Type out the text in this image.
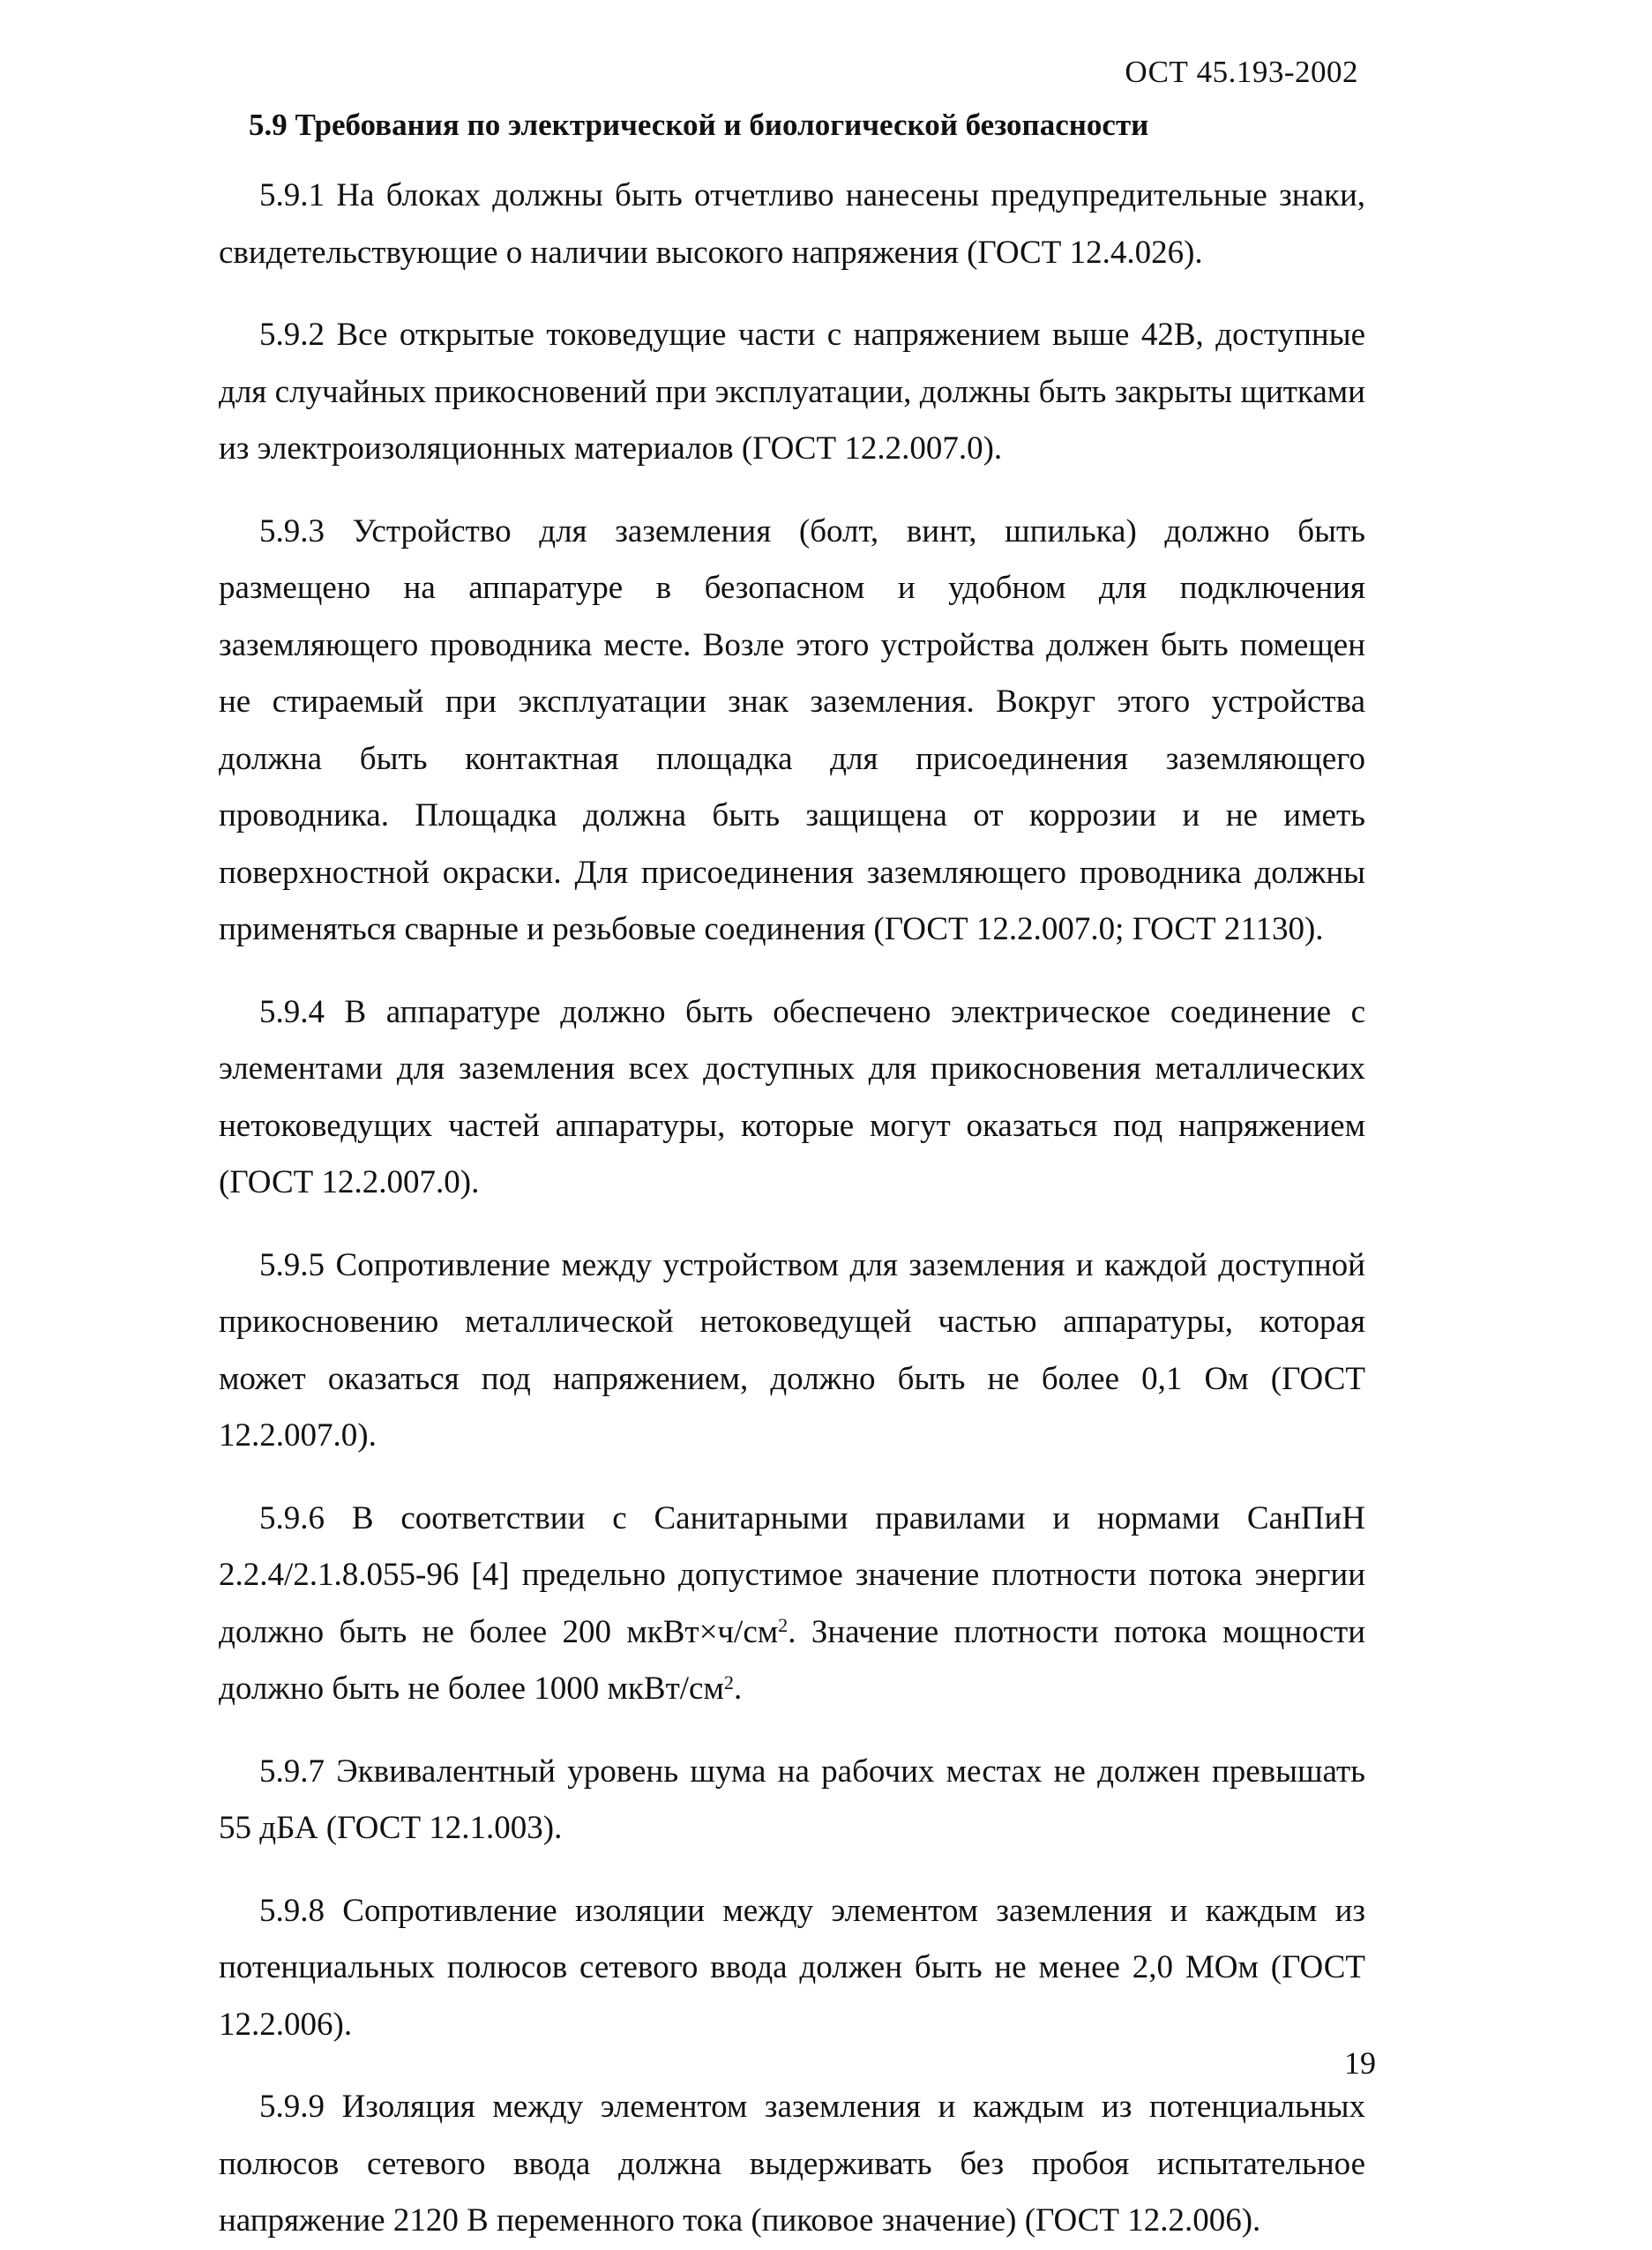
ОСТ 45.193-2002
5.9 Требования по электрической и биологической безопасности

5.9.1 На блоках должны быть отчетливо нанесены предупредительные знаки, свидетельствующие о наличии высокого напряжения (ГОСТ 12.4.026).

5.9.2 Все открытые токоведущие части с напряжением выше 42В, доступные для случайных прикосновений при эксплуатации, должны быть закрыты щитками из электроизоляционных материалов (ГОСТ 12.2.007.0).

5.9.3 Устройство для заземления (болт, винт, шпилька) должно быть размещено на аппаратуре в безопасном и удобном для подключения заземляющего проводника месте. Возле этого устройства должен быть помещен не стираемый при эксплуатации знак заземления. Вокруг этого устройства должна быть контактная площадка для присоединения заземляющего проводника. Площадка должна быть защищена от коррозии и не иметь поверхностной окраски. Для присоединения заземляющего проводника должны применяться сварные и резьбовые соединения (ГОСТ 12.2.007.0; ГОСТ 21130).

5.9.4 В аппаратуре должно быть обеспечено электрическое соединение с элементами для заземления всех доступных для прикосновения металлических нетоковедущих частей аппаратуры, которые могут оказаться под напряжением (ГОСТ 12.2.007.0).

5.9.5 Сопротивление между устройством для заземления и каждой доступной прикосновению металлической нетоковедущей частью аппаратуры, которая может оказаться под напряжением, должно быть не более 0,1 Ом (ГОСТ 12.2.007.0).

5.9.6 В соответствии с Санитарными правилами и нормами СанПиН 2.2.4/2.1.8.055-96 [4] предельно допустимое значение плотности потока энергии должно быть не более 200 $мкВт\times ч/см^2$. Значение плотности потока мощности должно быть не более 1000 мкВт/$см^2$.

5.9.7 Эквивалентный уровень шума на рабочих местах не должен превышать 55 дБА (ГОСТ 12.1.003).

5.9.8 Сопротивление изоляции между элементом заземления и каждым из потенциальных полюсов сетевого ввода должен быть не менее 2,0 МОм (ГОСТ 12.2.006).

5.9.9 Изоляция между элементом заземления и каждым из потенциальных полюсов сетевого ввода должна выдерживать без пробоя испытательное напряжение 2120 В переменного тока (пиковое значение) (ГОСТ 12.2.006).

19
